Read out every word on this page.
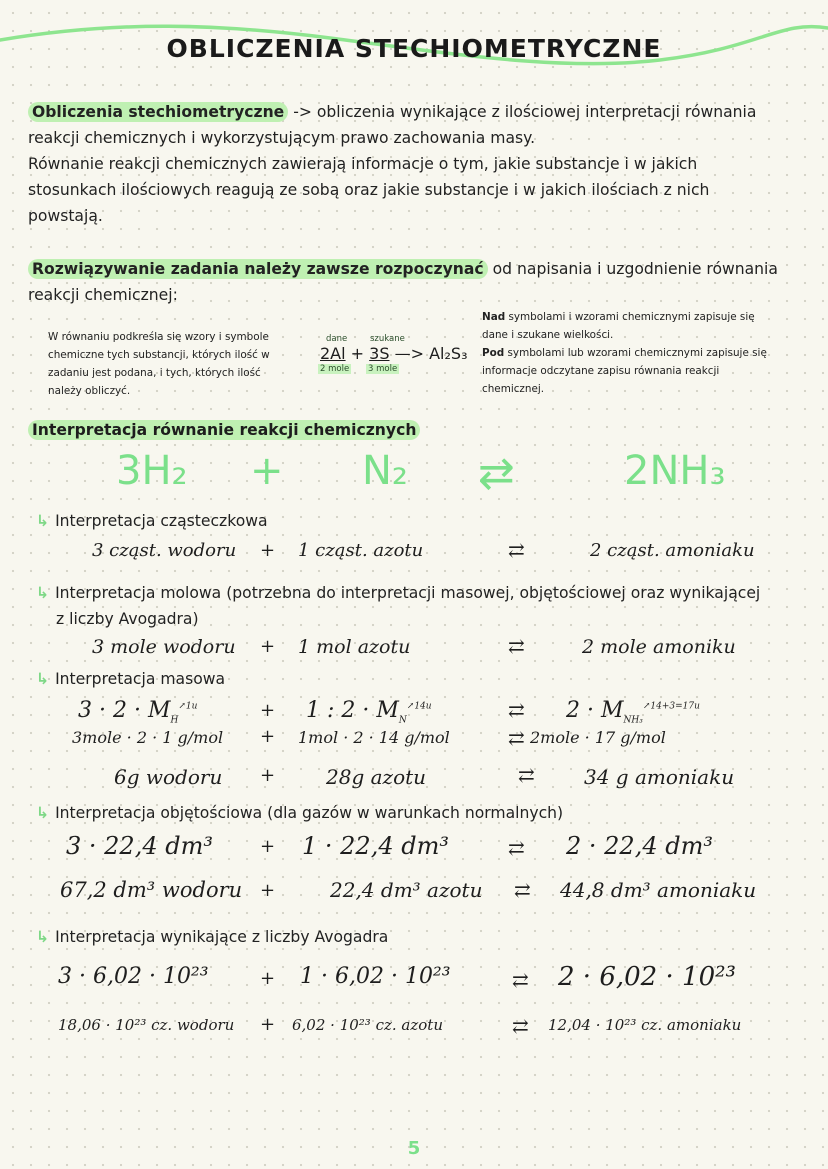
OBLICZENIA STECHIOMETRYCZNE
Obliczenia stechiometryczne -> obliczenia wynikające z ilościowej interpretacji równania
reakcji chemicznych i wykorzystującym prawo zachowania masy.
Równanie reakcji chemicznych zawierają informacje o tym, jakie substancje i w jakich
stosunkach ilościowych reagują ze sobą oraz jakie substancje i w jakich ilościach z nich
powstają.
Rozwiązywanie zadania należy zawsze rozpoczynać od napisania i uzgodnienie równania
reakcji chemicznej:
W równaniu podkreśla się wzory i symbole chemiczne tych substancji, których ilość w zadaniu jest podana, i tych, których ilość należy obliczyć.
dane	szukane
2Al + 3S —> Al₂S₃
2 mole 3 mole
Nad symbolami i wzorami chemicznymi zapisuje się dane i szukane wielkości.
Pod symbolami lub wzorami chemicznymi zapisuje się informacje odczytane zapisu równania reakcji chemicznej.
Interpretacja równanie reakcji chemicznych
3H₂ + N₂ ⇄	2NH₃
↳ Interpretacja cząsteczkowa
3 cząst. wodoru + 1 cząst. azotu	⇄	2 cząst. amoniaku
↳ Interpretacja molowa (potrzebna do interpretacji masowej, objętościowej oraz wynikającej
z liczby Avogadra)
3 mole wodoru + 1 mol azotu	⇄	2 mole amoniku
↳ Interpretacja masowa
$3 \cdot 2 \cdot M_H^{↗1u}$	+ 1 : $2 \cdot M_N^{↗14u}$	⇄ $2 \cdot M_{NH_3}^{↗14+3=17u}$
3mole · 2 · 1 g/mol + 1mol · 2 · 14 g/mol	⇄ 2mole · 17 g/mol
6g wodoru +	28g azotu	⇄ 34 g amoniaku
↳ Interpretacja objętościowa (dla gazów w warunkach normalnych)
3 · 22,4 dm³	+ 1 · 22,4 dm³	⇄ 2 · 22,4 dm³
67,2 dm³ wodoru +	22,4 dm³ azotu ⇄ 44,8 dm³ amoniaku
↳ Interpretacja wynikające z liczby Avogadra
3 · 6,02 · 10²³	+ 1 · 6,02 · 10²³	⇄ 2 · 6,02 · 10²³
18,06 · 10²³ cz. wodoru + 6,02 · 10²³ cz. azotu	⇄ 12,04 · 10²³ cz. amoniaku
5
